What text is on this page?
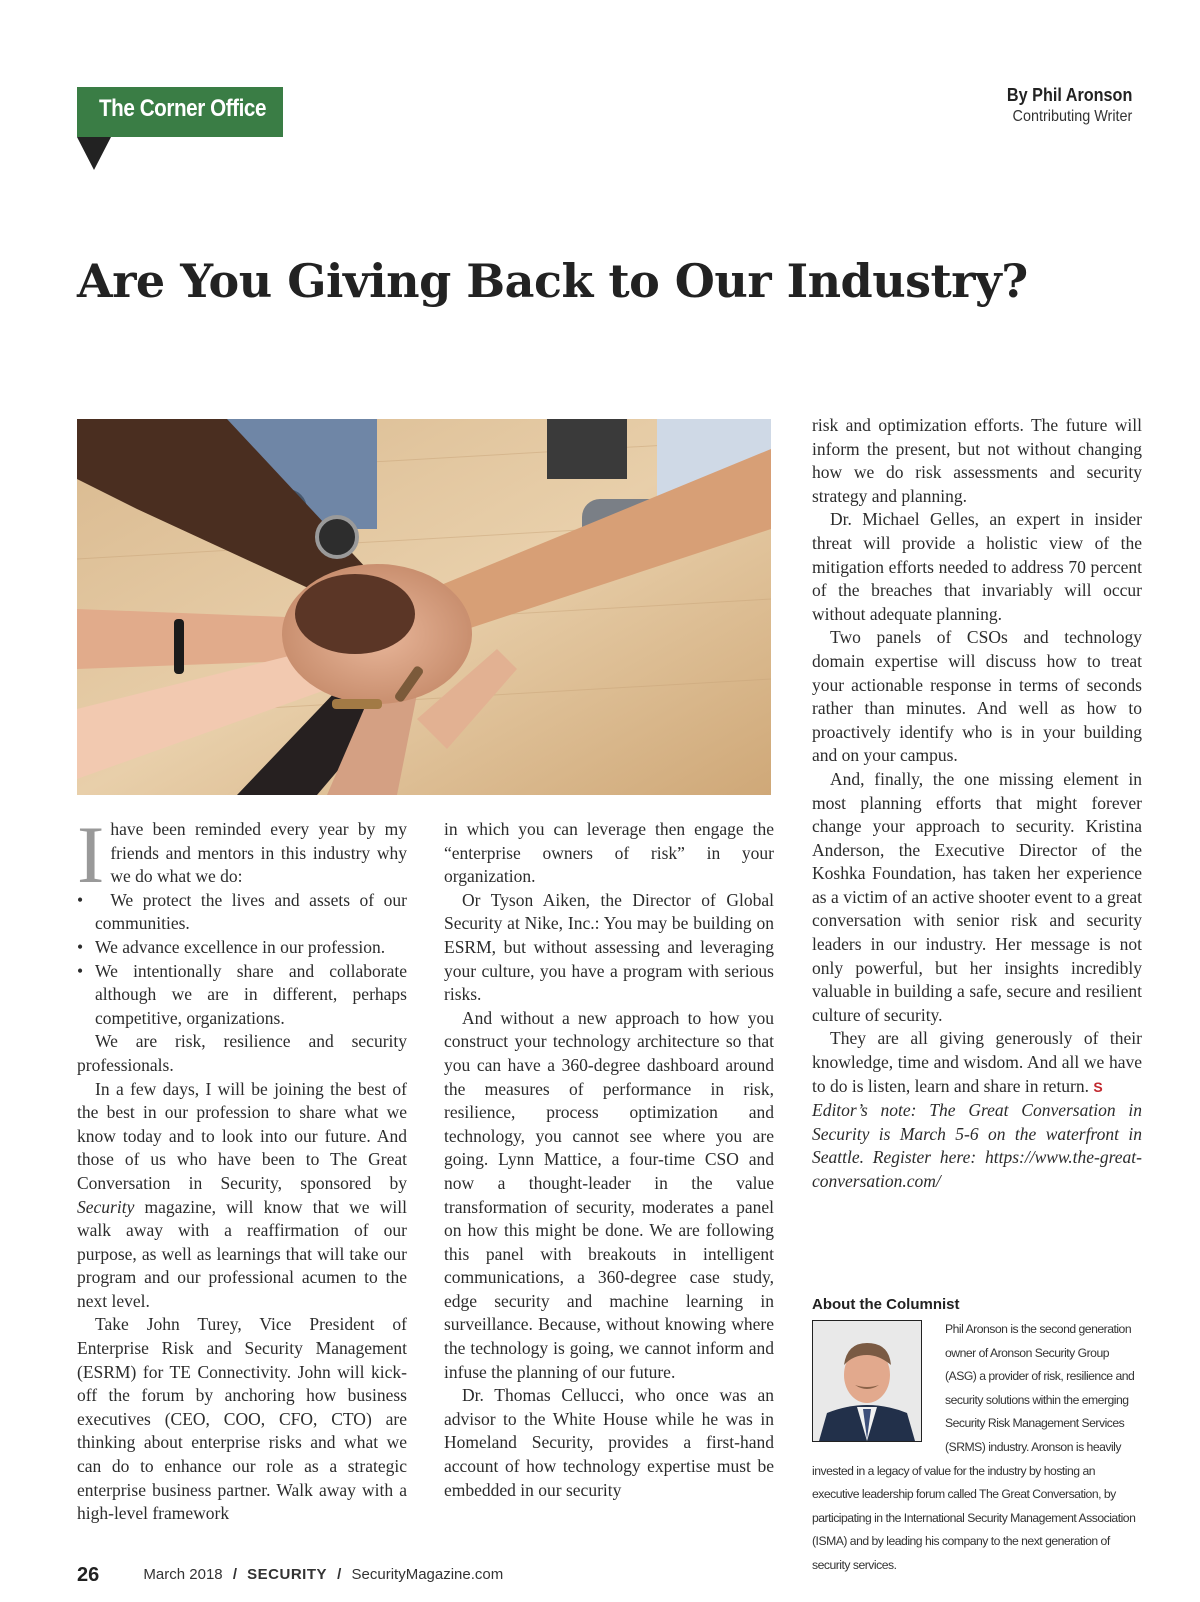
The Corner Office	By Phil Aronson
Contributing Writer
Are You Giving Back to Our Industry?
I have been reminded every year by my friends and mentors in this industry why we do what we do:

• We protect the lives and assets of our communities.
• We advance excellence in our profession.
• We intentionally share and collaborate although we are in different, perhaps competitive, organizations.

We are risk, resilience and security professionals.

In a few days, I will be joining the best of the best in our profession to share what we know today and to look into our future. And those of us who have been to The Great Conversation in Security, sponsored by Security magazine, will know that we will walk away with a reaffirmation of our purpose, as well as learnings that will take our program and our professional acumen to the next level.

Take John Turey, Vice President of Enterprise Risk and Security Management (ESRM) for TE Connectivity. John will kick-off the forum by anchoring how business executives (CEO, COO, CFO, CTO) are thinking about enterprise risks and what we can do to enhance our role as a strategic enterprise business partner. Walk away with a high-level framework

in which you can leverage then engage the “enterprise owners of risk” in your organization.

Or Tyson Aiken, the Director of Global Security at Nike, Inc.: You may be building on ESRM, but without assessing and leveraging your culture, you have a program with serious risks.

And without a new approach to how you construct your technology architecture so that you can have a 360-degree dashboard around the measures of performance in risk, resilience, process optimization and technology, you cannot see where you are going. Lynn Mattice, a four-time CSO and now a thought-leader in the value transformation of security, moderates a panel on how this might be done. We are following this panel with breakouts in intelligent communications, a 360-degree case study, edge security and machine learning in surveillance. Because, without knowing where the technology is going, we cannot inform and infuse the planning of our future.

Dr. Thomas Cellucci, who once was an advisor to the White House while he was in Homeland Security, provides a first-hand account of how technology expertise must be embedded in our security

risk and optimization efforts. The future will inform the present, but not without changing how we do risk assessments and security strategy and planning.

Dr. Michael Gelles, an expert in insider threat will provide a holistic view of the mitigation efforts needed to address 70 percent of the breaches that invariably will occur without adequate planning.

Two panels of CSOs and technology domain expertise will discuss how to treat your actionable response in terms of seconds rather than minutes. And well as how to proactively identify who is in your building and on your campus.

And, finally, the one missing element in most planning efforts that might forever change your approach to security. Kristina Anderson, the Executive Director of the Koshka Foundation, has taken her experience as a victim of an active shooter event to a great conversation with senior risk and security leaders in our industry. Her message is not only powerful, but her insights incredibly valuable in building a safe, secure and resilient culture of security.

They are all giving generously of their knowledge, time and wisdom. And all we have to do is listen, learn and share in return. S

Editor’s note: The Great Conversation in Security is March 5-6 on the waterfront in Seattle. Register here: https://www.the-great-conversation.com/

About the Columnist
Phil Aronson is the second generation owner of Aronson Security Group (ASG) a provider of risk, resilience and security solutions within the emerging Security Risk Management Services (SRMS) industry. Aronson is heavily invested in a legacy of value for the industry by hosting an executive leadership forum called The Great Conversation, by participating in the International Security Management Association (ISMA) and by leading his company to the next generation of security services.
26	March 2018 / SECURITY / SecurityMagazine.com
